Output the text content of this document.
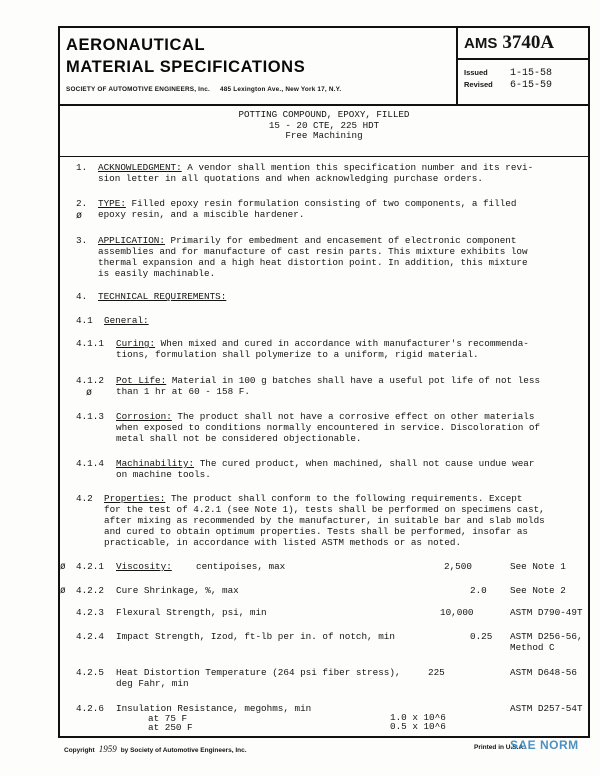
AERONAUTICAL
MATERIAL SPECIFICATIONS
SOCIETY OF AUTOMOTIVE ENGINEERS, Inc. 485 Lexington Ave., New York 17, N.Y.
AMS 3740A
Issued	1-15-58
Revised	6-15-59
POTTING COMPOUND, EPOXY, FILLED
15 - 20 CTE, 225 HDT
Free Machining
1. ACKNOWLEDGMENT: A vendor shall mention this specification number and its revi-
sion letter in all quotations and when acknowledging purchase orders.
2.
ø
TYPE: Filled epoxy resin formulation consisting of two components, a filled
epoxy resin, and a miscible hardener.
3. APPLICATION: Primarily for embedment and encasement of electronic component
assemblies and for manufacture of cast resin parts. This mixture exhibits low
thermal expansion and a high heat distortion point. In addition, this mixture
is easily machinable.
4. TECHNICAL REQUIREMENTS:
4.1 General:
4.1.1 Curing: When mixed and cured in accordance with manufacturer's recommenda-
tions, formulation shall polymerize to a uniform, rigid material.
4.1.2
ø
Pot Life: Material in 100 g batches shall have a useful pot life of not less
than 1 hr at 60 - 158 F.
4.1.3 Corrosion: The product shall not have a corrosive effect on other materials
when exposed to conditions normally encountered in service. Discoloration of
metal shall not be considered objectionable.
4.1.4 Machinability: The cured product, when machined, shall not cause undue wear
on machine tools.
4.2 Properties: The product shall conform to the following requirements. Except
for the test of 4.2.1 (see Note 1), tests shall be performed on specimens cast,
after mixing as recommended by the manufacturer, in suitable bar and slab molds
and cured to obtain optimum properties. Tests shall be performed, insofar as
practicable, in accordance with listed ASTM methods or as noted.
ø 4.2.1 Viscosity:	centipoises, max	2,500	See Note 1
ø 4.2.2 Cure Shrinkage, %, max	2.0	See Note 2
4.2.3 Flexural Strength, psi, min	10,000	ASTM D790-49T
4.2.4 Impact Strength, Izod, ft-lb per in. of notch, min	0.25 ASTM D256-56,
Method C
4.2.5 Heat Distortion Temperature (264 psi fiber stress),	225	ASTM D648-56
deg Fahr, min
4.2.6 Insulation Resistance, megohms, min	ASTM D257-54T
at 75 F	1.0 x 10^6
at 250 F	0.5 x 10^6
Copyright 1959 by Society of Automotive Engineers, Inc.	Printed in U.S.A.
SAE NORM
